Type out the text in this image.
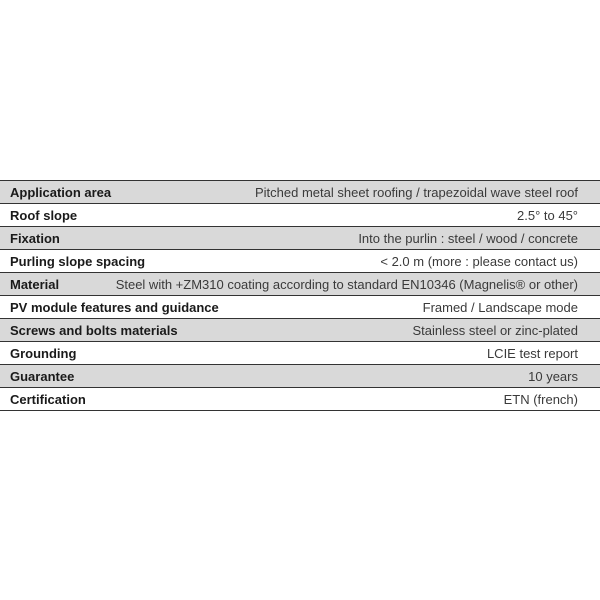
Application area	Pitched metal sheet roofing / trapezoidal wave steel roof
Roof slope	2.5° to 45°
Fixation	Into the purlin : steel / wood / concrete
Purling slope spacing	< 2.0 m (more : please contact us)
Material	Steel with +ZM310 coating according to standard EN10346 (Magnelis® or other)
PV module features and guidance	Framed / Landscape mode
Screws and bolts materials	Stainless steel or zinc-plated
Grounding	LCIE test report
Guarantee	10 years
Certification	ETN (french)
